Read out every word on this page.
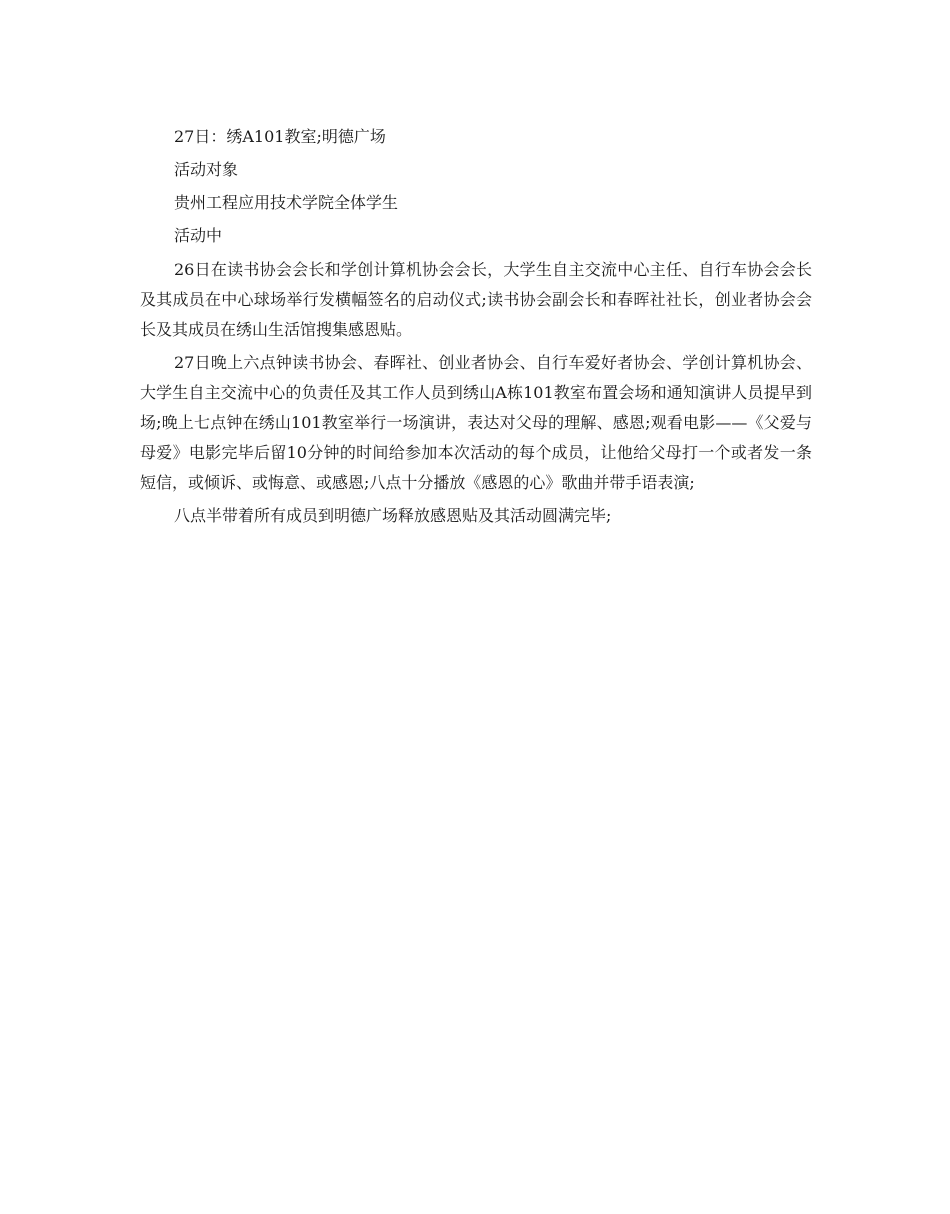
27日：绣A101教室;明德广场

活动对象

贵州工程应用技术学院全体学生

活动中

26日在读书协会会长和学创计算机协会会长，大学生自主交流中心主任、自行车协会会长及其成员在中心球场举行发横幅签名的启动仪式;读书协会副会长和春晖社社长，创业者协会会长及其成员在绣山生活馆搜集感恩贴。

27日晚上六点钟读书协会、春晖社、创业者协会、自行车爱好者协会、学创计算机协会、大学生自主交流中心的负责任及其工作人员到绣山A栋101教室布置会场和通知演讲人员提早到场;晚上七点钟在绣山101教室举行一场演讲，表达对父母的理解、感恩;观看电影——《父爱与母爱》电影完毕后留10分钟的时间给参加本次活动的每个成员，让他给父母打一个或者发一条短信，或倾诉、或悔意、或感恩;八点十分播放《感恩的心》歌曲并带手语表演;

八点半带着所有成员到明德广场释放感恩贴及其活动圆满完毕;
